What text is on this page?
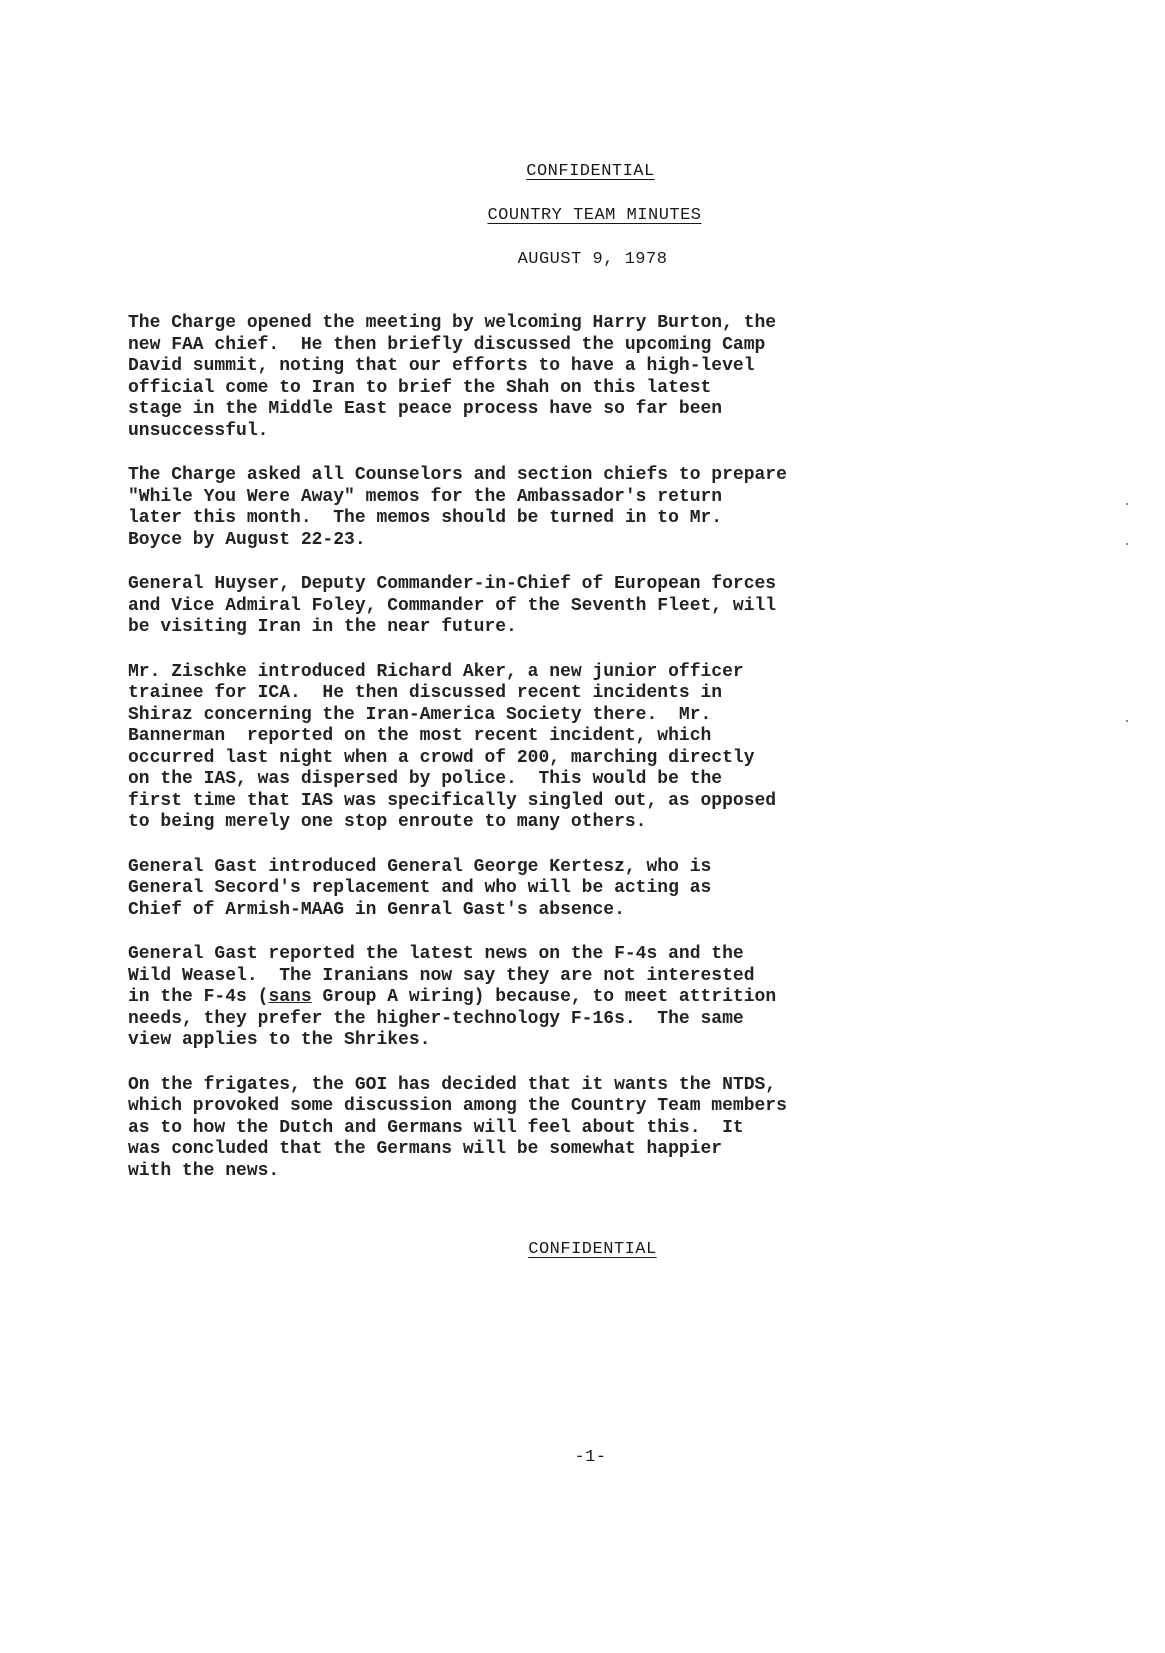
CONFIDENTIAL
COUNTRY TEAM MINUTES
AUGUST 9, 1978
The Charge opened the meeting by welcoming Harry Burton, the
new FAA chief.  He then briefly discussed the upcoming Camp
David summit, noting that our efforts to have a high-level
official come to Iran to brief the Shah on this latest
stage in the Middle East peace process have so far been
unsuccessful.
The Charge asked all Counselors and section chiefs to prepare
"While You Were Away" memos for the Ambassador's return
later this month.  The memos should be turned in to Mr.
Boyce by August 22-23.
General Huyser, Deputy Commander-in-Chief of European forces
and Vice Admiral Foley, Commander of the Seventh Fleet, will
be visiting Iran in the near future.
Mr. Zischke introduced Richard Aker, a new junior officer
trainee for ICA.  He then discussed recent incidents in
Shiraz concerning the Iran-America Society there.  Mr.
Bannerman  reported on the most recent incident, which
occurred last night when a crowd of 200, marching directly
on the IAS, was dispersed by police.  This would be the
first time that IAS was specifically singled out, as opposed
to being merely one stop enroute to many others.
General Gast introduced General George Kertesz, who is
General Secord's replacement and who will be acting as
Chief of Armish-MAAG in Genral Gast's absence.
General Gast reported the latest news on the F-4s and the
Wild Weasel.  The Iranians now say they are not interested
in the F-4s (sans Group A wiring) because, to meet attrition
needs, they prefer the higher-technology F-16s.  The same
view applies to the Shrikes.
On the frigates, the GOI has decided that it wants the NTDS,
which provoked some discussion among the Country Team members
as to how the Dutch and Germans will feel about this.  It
was concluded that the Germans will be somewhat happier
with the news.
CONFIDENTIAL
-1-
